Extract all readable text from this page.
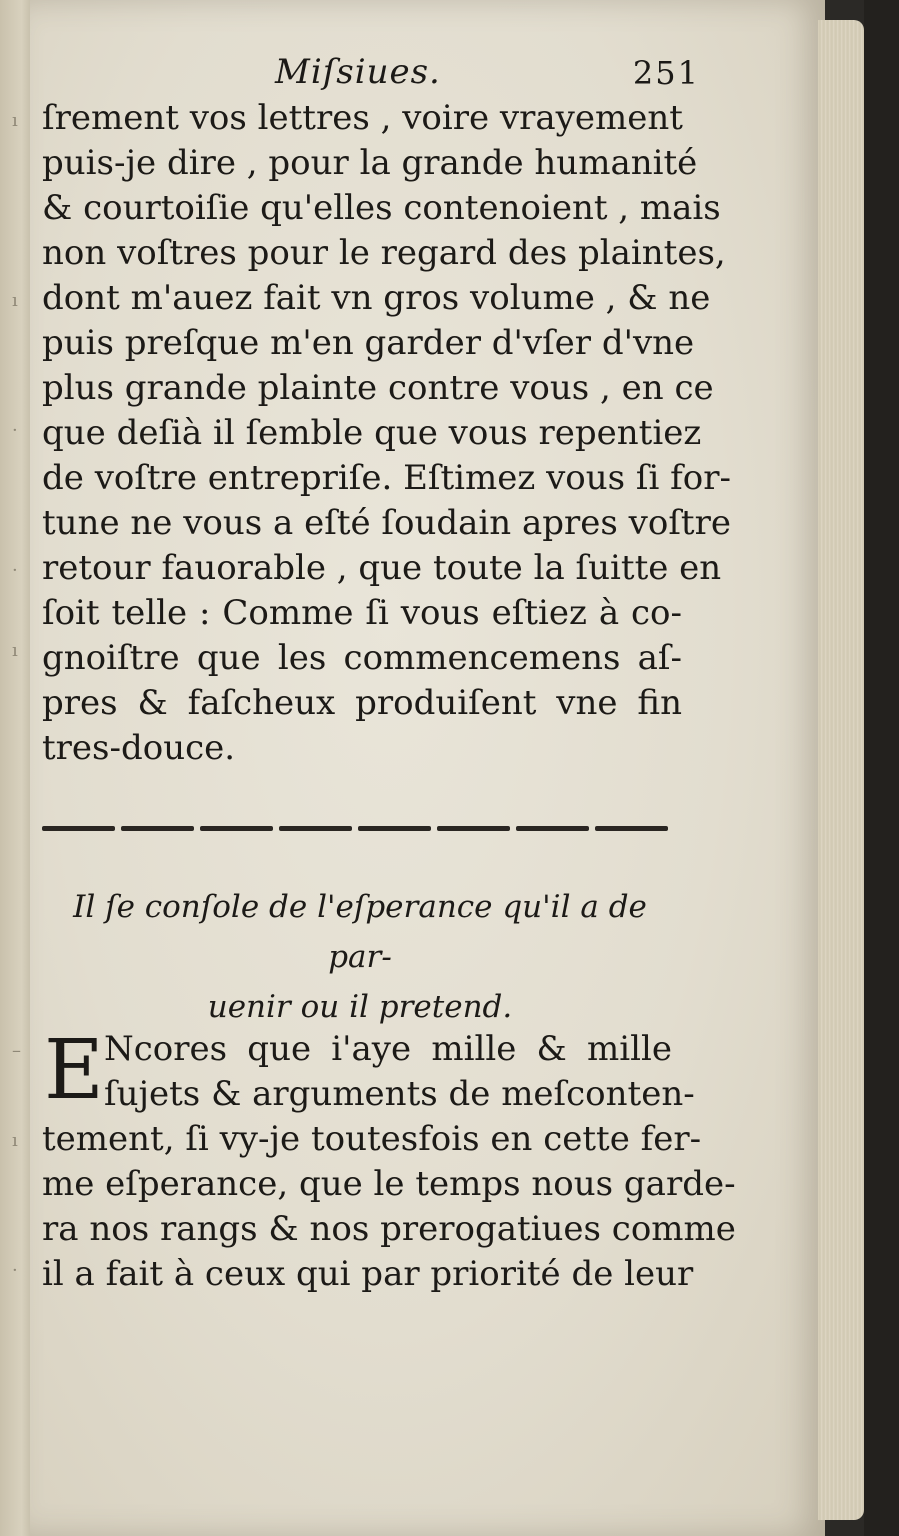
ı
ı
·
·
ı
–
ı
·
Miſsiues.	251
ſrement vos lettres , voire vrayement
puis-je dire , pour la grande humanité
& courtoiſie qu'elles contenoient , mais
non voſtres pour le regard des plaintes,
dont m'auez fait vn gros volume , & ne
puis preſque m'en garder d'vſer d'vne
plus grande plainte contre vous , en ce
que deſià il ſemble que vous repentiez
de voſtre entrepriſe. Eſtimez vous ſi for-
tune ne vous a eſté ſoudain apres voſtre
retour fauorable , que toute la ſuitte en
ſoit telle : Comme ſi vous eſtiez à co-
gnoiſtre que les commencemens aſ-
pres & faſcheux produiſent vne fin
tres-douce.
Il ſe conſole de l'eſperance qu'il a de par-
uenir ou il pretend.
E Ncores que i'aye mille & mille
ſujets & arguments de meſconten-
tement, ſi vy-je toutesfois en cette fer-
me eſperance, que le temps nous garde-
ra nos rangs & nos prerogatiues comme
il a fait à ceux qui par priorité de leur
